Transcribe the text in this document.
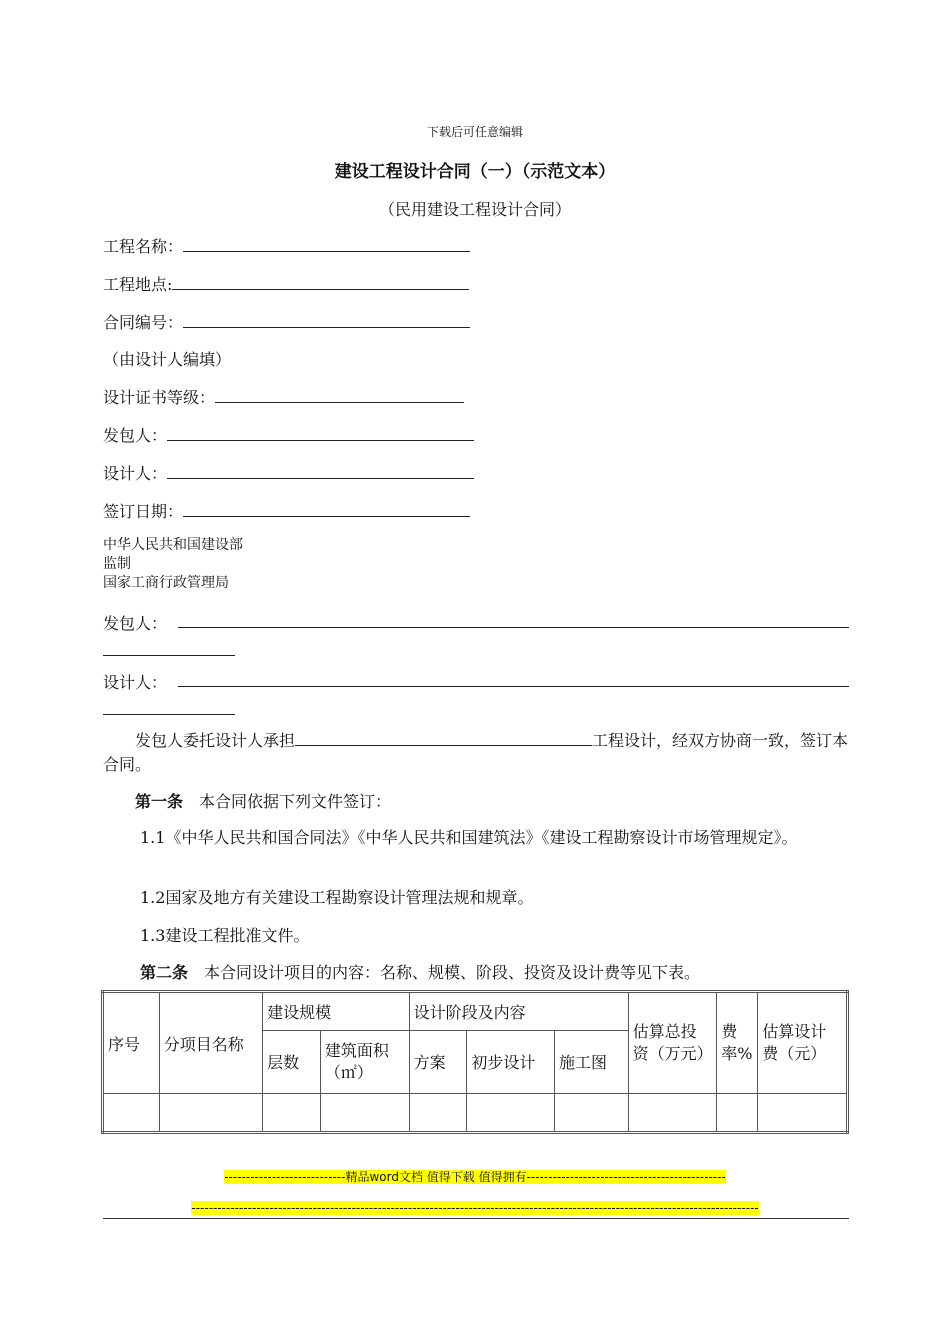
下载后可任意编辑
建设工程设计合同（一）（示范文本）
（民用建设工程设计合同）
工程名称：
工程地点:
合同编号：
（由设计人编填）
设计证书等级：
发包人：
设计人：
签订日期：
中华人民共和国建设部
监制
国家工商行政管理局
发包人：
设计人：
发包人委托设计人承担	工程设计，经双方协商一致，签订本合同。
第一条 本合同依据下列文件签订：
1.1《中华人民共和国合同法》《中华人民共和国建筑法》《建设工程勘察设计市场管理规定》。
1.2国家及地方有关建设工程勘察设计管理法规和规章。
1.3建设工程批准文件。
第二条 本合同设计项目的内容：名称、规模、阶段、投资及设计费等见下表。
序号	分项目名称	建设规模		设计阶段及内容			估算总投资（万元）	费率%	估算设计费（元）
		层数	建筑面积（㎡）	方案	初步设计	施工图			

----------------------------精品word文档 值得下载 值得拥有----------------------------------------------
-----------------------------------------------------------------------------------------------------------------------------------
